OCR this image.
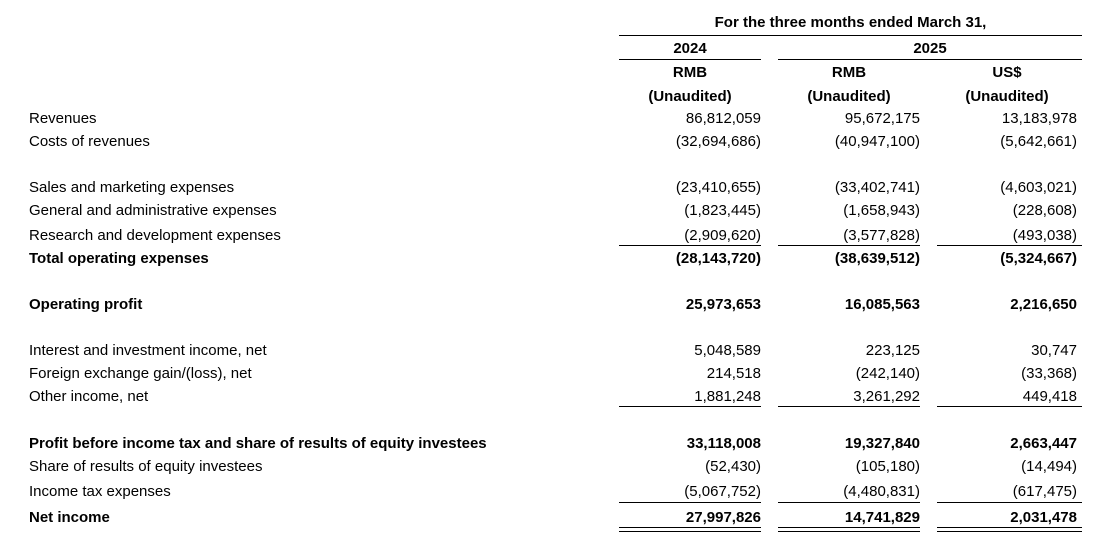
For the three months ended March 31,
2024	2025
RMB	RMB	US$
(Unaudited)	(Unaudited)	(Unaudited)
Revenues	86,812,059	95,672,175	13,183,978
Costs of revenues	(32,694,686)	(40,947,100)	(5,642,661)
Sales and marketing expenses	(23,410,655)	(33,402,741)	(4,603,021)
General and administrative expenses	(1,823,445)	(1,658,943)	(228,608)
Research and development expenses	(2,909,620)	(3,577,828)	(493,038)
Total operating expenses	(28,143,720)	(38,639,512)	(5,324,667)
Operating profit	25,973,653	16,085,563	2,216,650
Interest and investment income, net	5,048,589	223,125	30,747
Foreign exchange gain/(loss), net	214,518	(242,140)	(33,368)
Other income, net	1,881,248	3,261,292	449,418
Profit before income tax and share of results of equity investees	33,118,008	19,327,840	2,663,447
Share of results of equity investees	(52,430)	(105,180)	(14,494)
Income tax expenses	(5,067,752)	(4,480,831)	(617,475)
Net income	27,997,826	14,741,829	2,031,478
